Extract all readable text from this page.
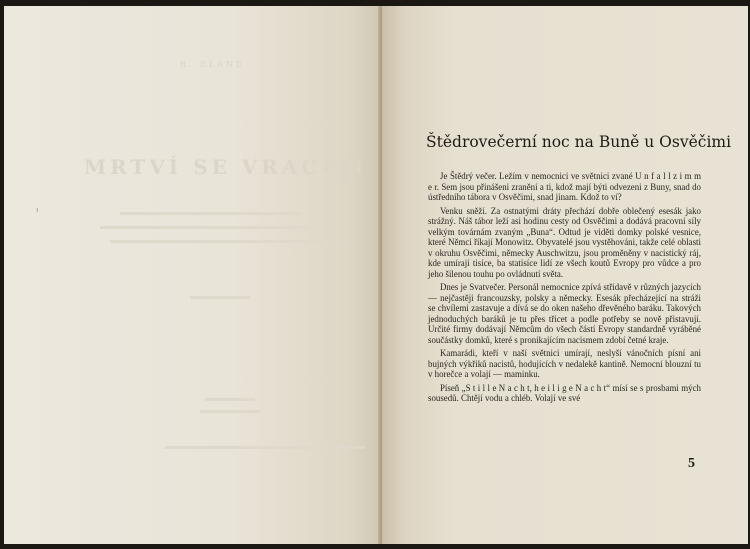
R. ELAND
MRTVÍ SE VRACEJÍ
ꜝ
Štědrovečerní noc na Buně u Osvěčimi

Je Štědrý večer. Ležím v nemocnici ve světnici zvané U n f a l l z i m m e r. Sem jsou přinášeni zranění a ti, kdož mají býti odvezeni z Buny, snad do ústředního tábora v Osvěčimi, snad jinam. Kdož to ví?

Venku sněží. Za ostnatými dráty přechází dobře oblečený esesák jako strážný. Náš tábor leží asi hodinu cesty od Osvěčimi a dodává pracovní síly velkým továrnám zvaným „Buna“. Odtud je viděti domky polské vesnice, které Němci říkají Monowitz. Obyvatelé jsou vystěhováni, takže celé oblasti v okruhu Osvěčimi, německy Auschwitzu, jsou proměněny v nacistický ráj, kde umírají tisíce, ba statisíce lidí ze všech koutů Evropy pro vůdce a pro jeho šílenou touhu po ovládnutí světa.

Dnes je Svatvečer. Personál nemocnice zpívá střídavě v různých jazycích — nejčastěji francouzsky, polsky a německy. Esesák přecházející na stráži se chvílemi zastavuje a dívá se do oken našeho dřevěného baráku. Takových jednoduchých baráků je tu přes třicet a podle potřeby se nově přistavují. Určité firmy dodávají Němcům do všech částí Evropy standardně vyráběné součástky domků, které s pronikajícím nacismem zdobí četné kraje.

Kamarádi, kteří v naší světnici umírají, neslyší vánočních písní ani bujných výkřiků nacistů, hodujících v nedalekě kantině. Nemocní blouzní tu v horečce a volají — maminku.

Píseň „S t i l l e N a c h t, h e i l i g e N a c h t“ mísí se s prosbami mých sousedů. Chtějí vodu a chléb. Volají ve své

5
